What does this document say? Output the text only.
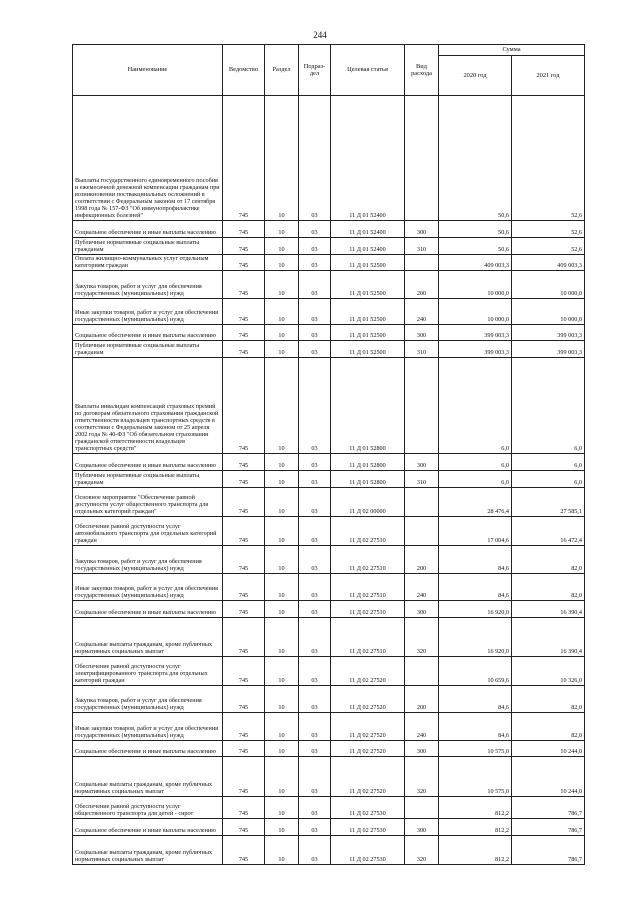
244
Наименование	Ведомство	Раздел	Подраз-дел	Целевая статья	Вид расхода	Сумма	
						2020 год	2021 год
Выплаты государственного единовременного пособия и ежемесячной денежной компенсации гражданам при возникновении поствакцинальных осложнений в соответствии с Федеральным законом от 17 сентября 1998 года № 157-ФЗ "Об иммунопрофилактике инфекционных болезней"	745	10	03	11 Д 01 52400		50,6	52,6
Социальное обеспечение и иные выплаты населению	745	10	03	11 Д 01 52400	300	50,6	52,6
Публичные нормативные социальные выплаты гражданам	745	10	03	11 Д 01 52400	310	50,6	52,6
Оплата жилищно-коммунальных услуг отдельным категориям граждан	745	10	03	11 Д 01 52500		409 003,3	409 003,3
Закупка товаров, работ и услуг для обеспечения государственных (муниципальных) нужд	745	10	03	11 Д 01 52500	200	10 000,0	10 000,0
Иные закупки товаров, работ и услуг для обеспечения государственных (муниципальных) нужд	745	10	03	11 Д 01 52500	240	10 000,0	10 000,0
Социальное обеспечение и иные выплаты населению	745	10	03	11 Д 01 52500	300	399 003,3	399 003,3
Публичные нормативные социальные выплаты гражданам	745	10	03	11 Д 01 52500	310	399 003,3	399 003,3
Выплаты инвалидам компенсаций страховых премий по договорам обязательного страхования гражданской ответственности владельцев транспортных средств в соответствии с Федеральным законом от 25 апреля 2002 года № 40-ФЗ "Об обязательном страховании гражданской ответственности владельцев транспортных средств"	745	10	03	11 Д 01 52800		6,0	6,0
Социальное обеспечение и иные выплаты населению	745	10	03	11 Д 01 52800	300	6,0	6,0
Публичные нормативные социальные выплаты гражданам	745	10	03	11 Д 01 52800	310	6,0	6,0
Основное мероприятие "Обеспечение равной доступности услуг общественного транспорта для отдельных категорий граждан"	745	10	03	11 Д 02 00000		28 476,4	27 585,1
Обеспечение равной доступности услуг автомобильного транспорта для отдельных категорий граждан	745	10	03	11 Д 02 27510		17 004,6	16 472,4
Закупка товаров, работ и услуг для обеспечения государственных (муниципальных) нужд	745	10	03	11 Д 02 27510	200	84,6	82,0
Иные закупки товаров, работ и услуг для обеспечения государственных (муниципальных) нужд	745	10	03	11 Д 02 27510	240	84,6	82,0
Социальное обеспечение и иные выплаты населению	745	10	03	11 Д 02 27510	300	16 920,0	16 390,4
Социальные выплаты гражданам, кроме публичных нормативных социальных выплат	745	10	03	11 Д 02 27510	320	16 920,0	16 390,4
Обеспечение равной доступности услуг электрифицированного транспорта для отдельных категорий граждан	745	10	03	11 Д 02 27520		10 659,6	10 326,0
Закупка товаров, работ и услуг для обеспечения государственных (муниципальных) нужд	745	10	03	11 Д 02 27520	200	84,6	82,0
Иные закупки товаров, работ и услуг для обеспечения государственных (муниципальных) нужд	745	10	03	11 Д 02 27520	240	84,6	82,0
Социальное обеспечение и иные выплаты населению	745	10	03	11 Д 02 27520	300	10 575,0	10 244,0
Социальные выплаты гражданам, кроме публичных нормативных социальных выплат	745	10	03	11 Д 02 27520	320	10 575,0	10 244,0
Обеспечение равной доступности услуг общественного транспорта для детей - сирот	745	10	03	11 Д 02 27530		812,2	786,7
Социальное обеспечение и иные выплаты населению	745	10	03	11 Д 02 27530	300	812,2	786,7
Социальные выплаты гражданам, кроме публичных нормативных социальных выплат	745	10	03	11 Д 02 27530	320	812,2	786,7
